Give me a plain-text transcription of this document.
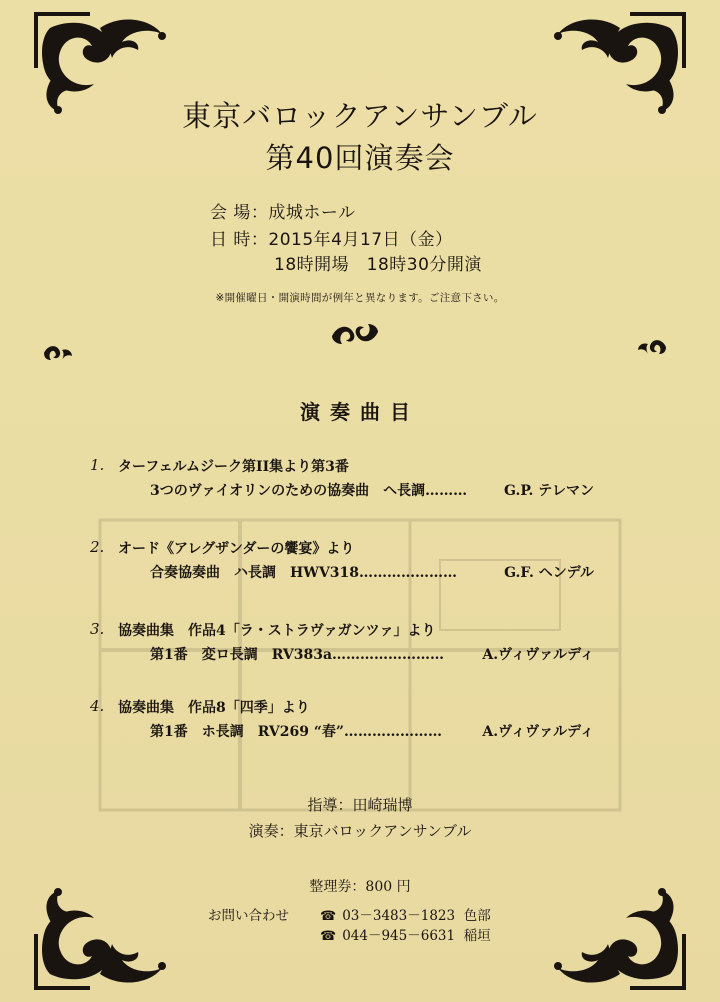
東京バロックアンサンブル
第40回演奏会
会 場：成城ホール
日 時：2015年4月17日（金）
18時開場　18時30分開演
※開催曜日・開演時間が例年と異なります。ご注意下さい。
演奏曲目
1. ターフェルムジーク第II集より第3番
3つのヴァイオリンのための協奏曲　ヘ長調………	G.P. テレマン
2. オード《アレグザンダーの饗宴》より
合奏協奏曲　ハ長調　HWV318…………………	G.F. ヘンデル
3. 協奏曲集　作品4「ラ・ストラヴァガンツァ」より
第1番　変ロ長調　RV383a……………………	A.ヴィヴァルディ
4. 協奏曲集　作品8「四季」より
第1番　ホ長調　RV269 “春”…………………	A.ヴィヴァルディ
指導：田崎瑞博
演奏：東京バロックアンサンブル
整理券：800 円
お問い合わせ ☎ 03－3483－1823 色部
☎ 044－945－6631 稲垣
